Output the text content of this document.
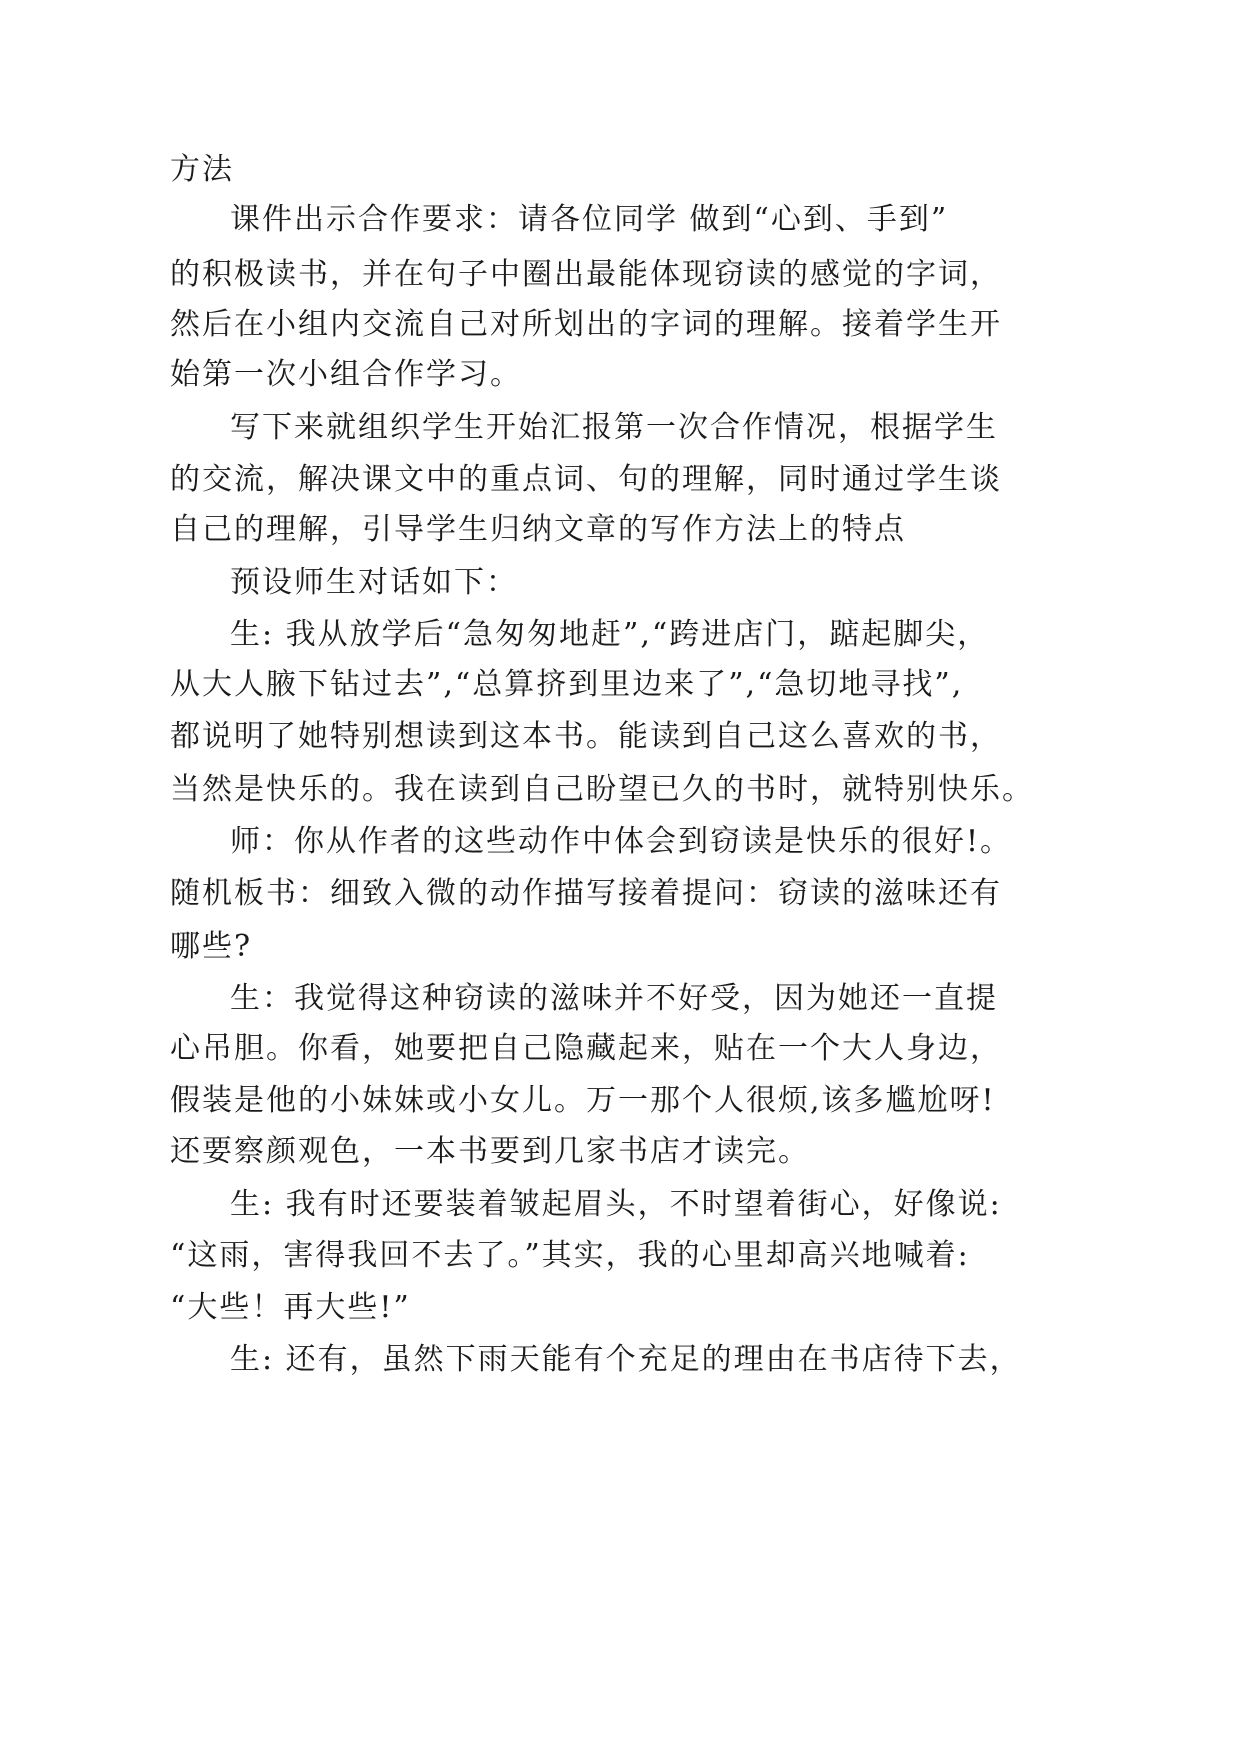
方法
课件出示合作要求：请各位同学 做到“心到、手到”
的积极读书，并在句子中圈出最能体现窃读的感觉的字词，
然后在小组内交流自己对所划出的字词的理解。接着学生开
始第一次小组合作学习。
写下来就组织学生开始汇报第一次合作情况，根据学生
的交流，解决课文中的重点词、句的理解，同时通过学生谈
自己的理解，引导学生归纳文章的写作方法上的特点
预设师生对话如下：
生: 我从放学后“急匆匆地赶”,“跨进店门，踮起脚尖，
从大人腋下钻过去”,“总算挤到里边来了”,“急切地寻找”,
都说明了她特别想读到这本书。能读到自己这么喜欢的书，
当然是快乐的。我在读到自己盼望已久的书时，就特别快乐。
师：你从作者的这些动作中体会到窃读是快乐的很好!。
随机板书：细致入微的动作描写接着提问：窃读的滋味还有
哪些?
生：我觉得这种窃读的滋味并不好受，因为她还一直提
心吊胆。你看，她要把自己隐藏起来，贴在一个大人身边，
假装是他的小妹妹或小女儿。万一那个人很烦,该多尴尬呀!
还要察颜观色，一本书要到几家书店才读完。
生: 我有时还要装着皱起眉头，不时望着街心，好像说:
“这雨，害得我回不去了。”其实，我的心里却高兴地喊着:
“大些！再大些!”
生: 还有，虽然下雨天能有个充足的理由在书店待下去，
